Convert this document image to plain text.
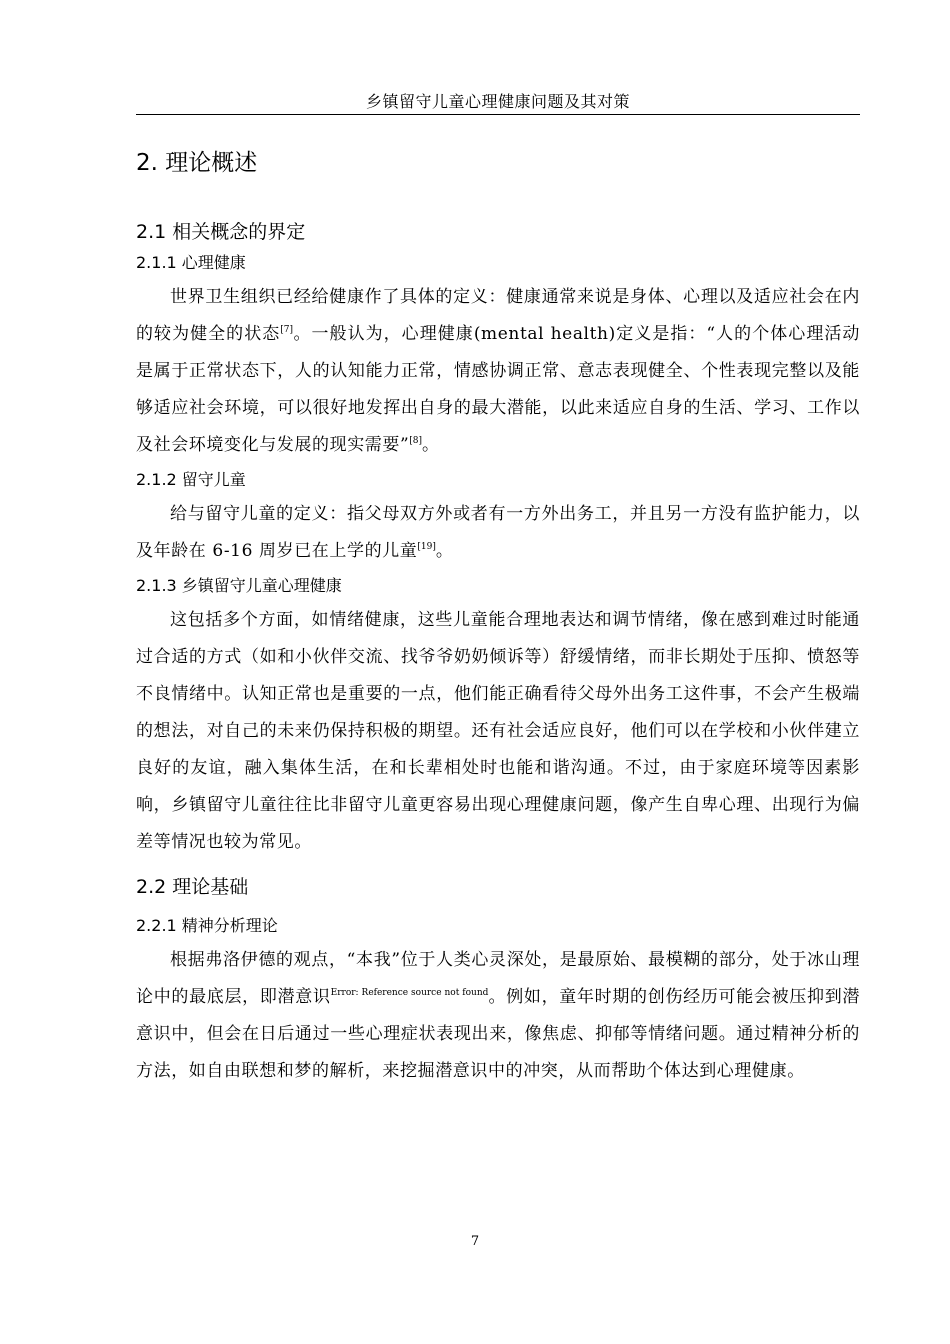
乡镇留守儿童心理健康问题及其对策
2. 理论概述
2.1 相关概念的界定
2.1.1 心理健康

世界卫生组织已经给健康作了具体的定义：健康通常来说是身体、心理以及适应社会在内的较为健全的状态[7]。一般认为，心理健康(mental health)定义是指：“人的个体心理活动是属于正常状态下，人的认知能力正常，情感协调正常、意志表现健全、个性表现完整以及能够适应社会环境，可以很好地发挥出自身的最大潜能，以此来适应自身的生活、学习、工作以及社会环境变化与发展的现实需要”[8]。

2.1.2 留守儿童

给与留守儿童的定义：指父母双方外或者有一方外出务工，并且另一方没有监护能力，以及年龄在 6-16 周岁已在上学的儿童[19]。

2.1.3 乡镇留守儿童心理健康

这包括多个方面，如情绪健康，这些儿童能合理地表达和调节情绪，像在感到难过时能通过合适的方式（如和小伙伴交流、找爷爷奶奶倾诉等）舒缓情绪，而非长期处于压抑、愤怒等不良情绪中。认知正常也是重要的一点，他们能正确看待父母外出务工这件事，不会产生极端的想法，对自己的未来仍保持积极的期望。还有社会适应良好，他们可以在学校和小伙伴建立良好的友谊，融入集体生活，在和长辈相处时也能和谐沟通。不过，由于家庭环境等因素影响，乡镇留守儿童往往比非留守儿童更容易出现心理健康问题，像产生自卑心理、出现行为偏差等情况也较为常见。

2.2 理论基础
2.2.1 精神分析理论

根据弗洛伊德的观点，“本我”位于人类心灵深处，是最原始、最模糊的部分，处于冰山理论中的最底层，即潜意识$^{Error: Reference source not found}$。例如，童年时期的创伤经历可能会被压抑到潜意识中，但会在日后通过一些心理症状表现出来，像焦虑、抑郁等情绪问题。通过精神分析的方法，如自由联想和梦的解析，来挖掘潜意识中的冲突，从而帮助个体达到心理健康。

7
